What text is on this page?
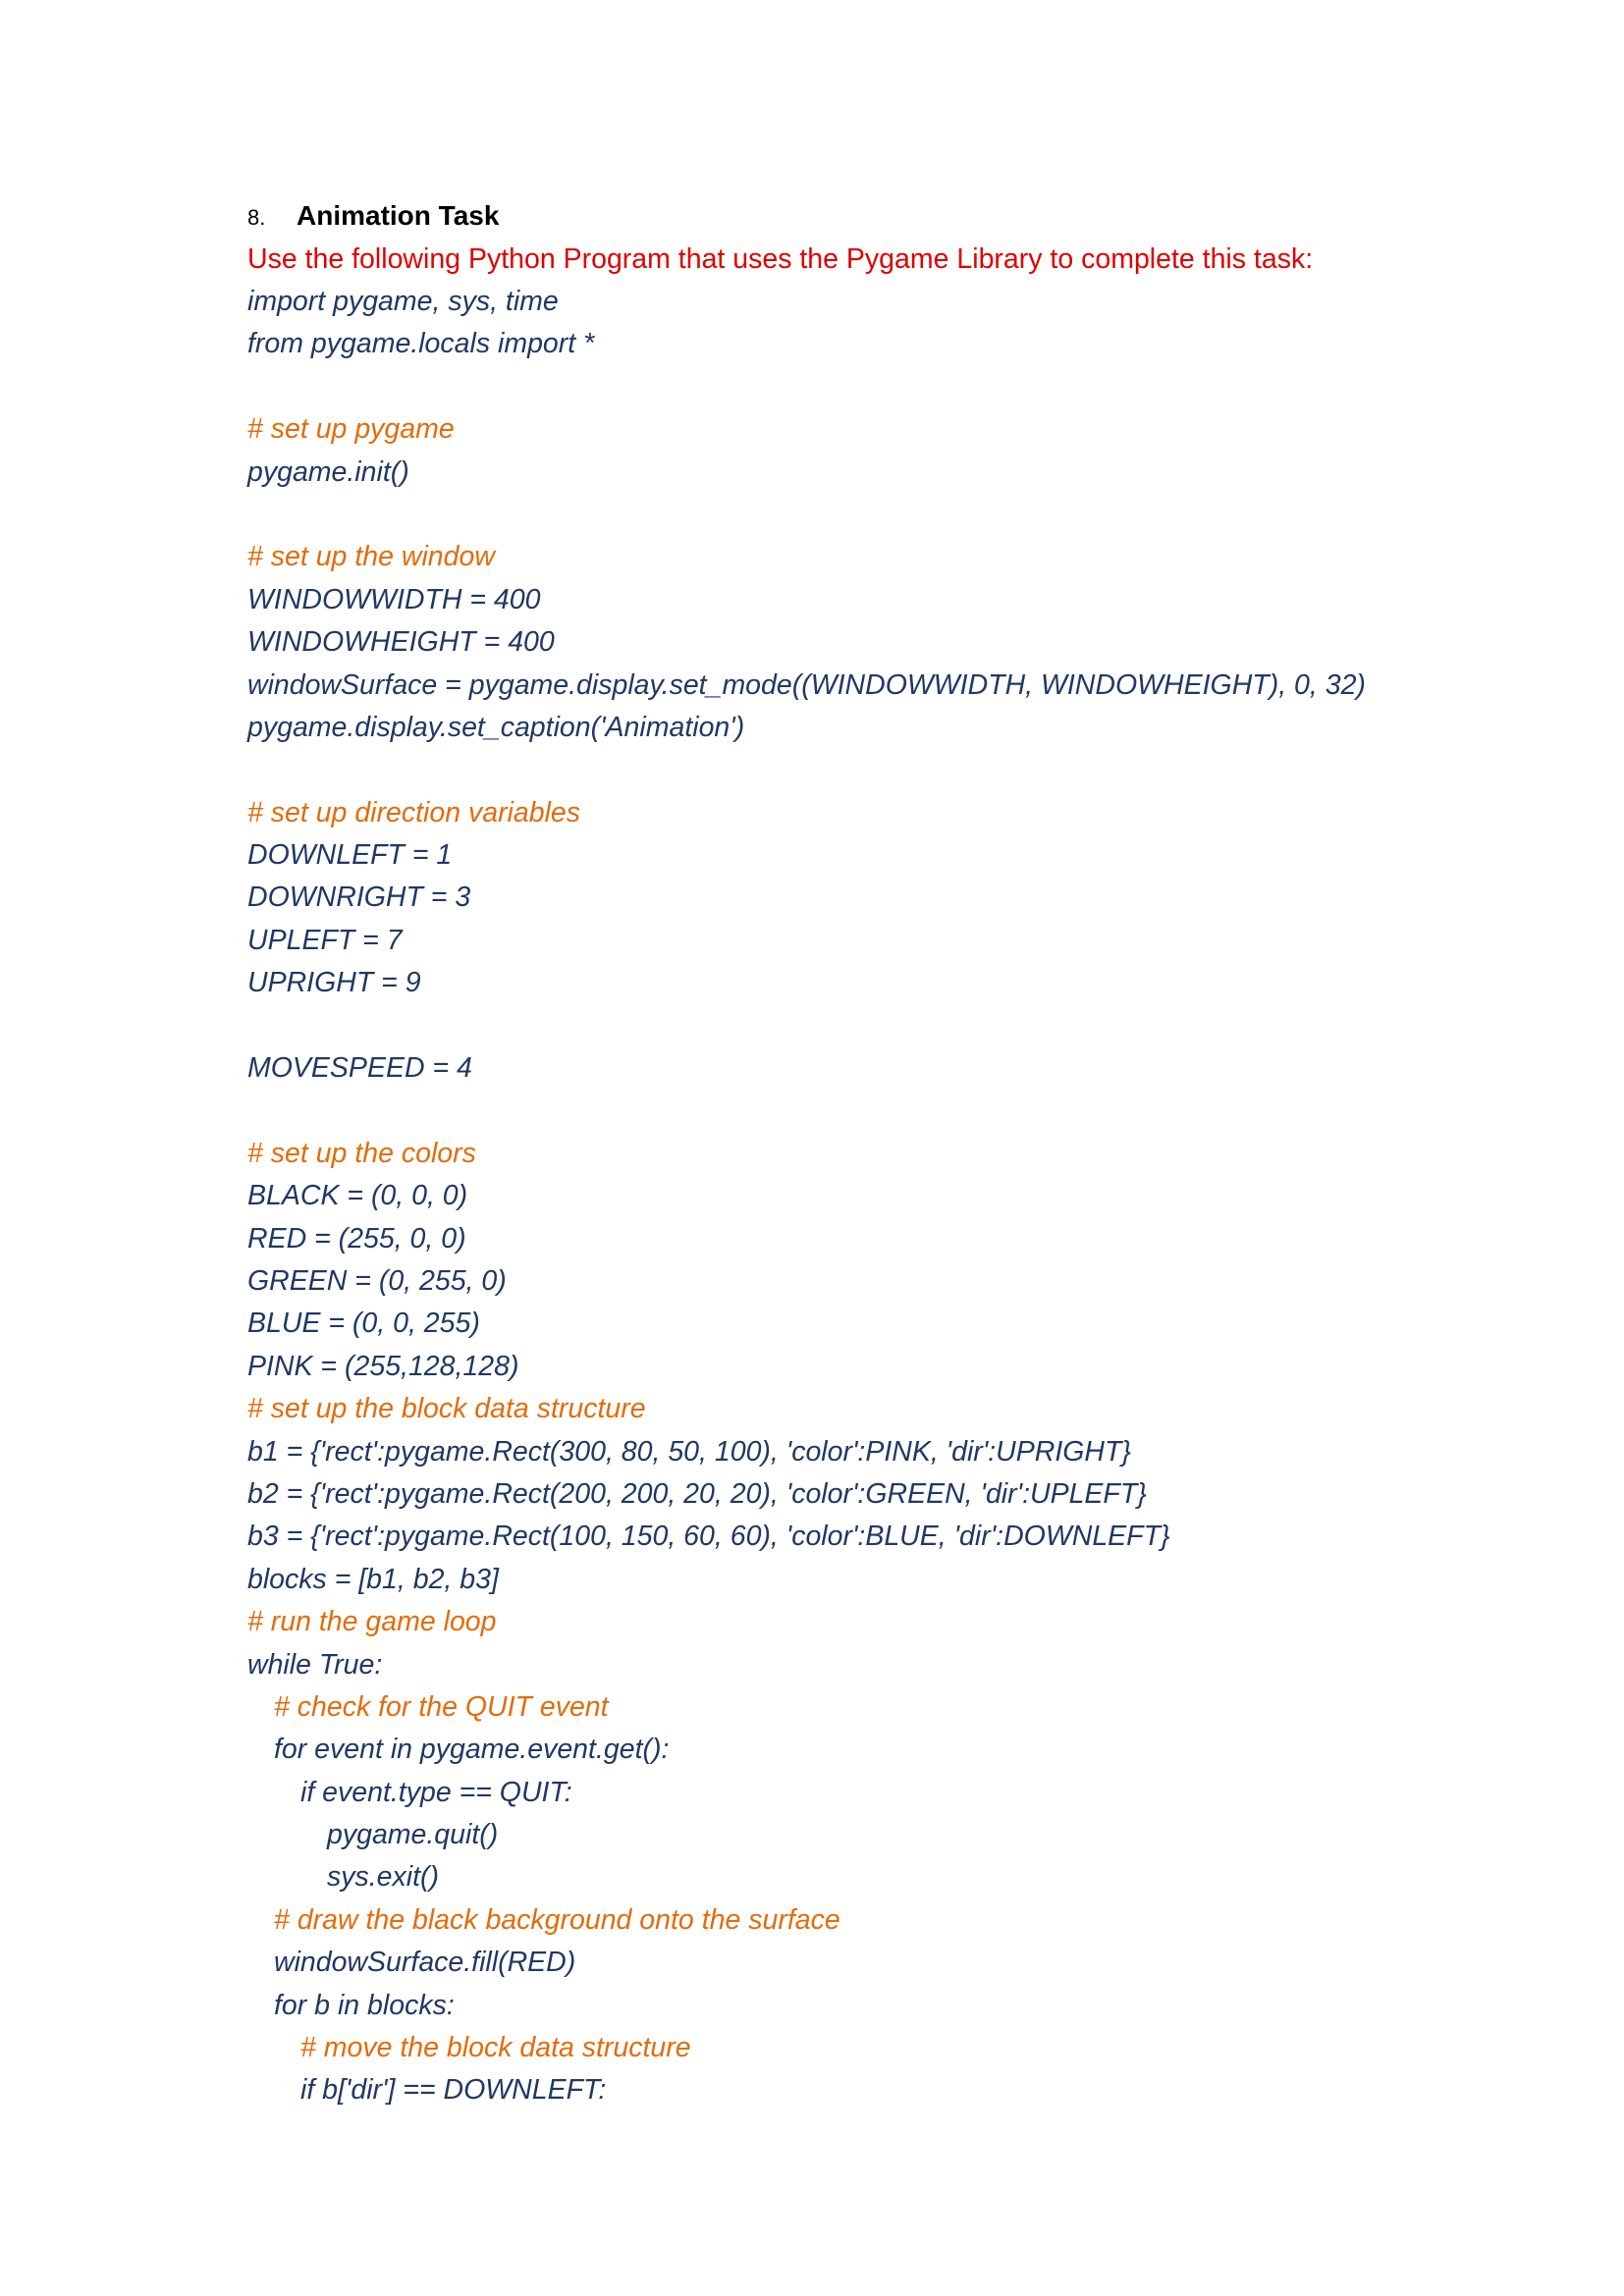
8.	Animation Task
Use the following Python Program that uses the Pygame Library to complete this task:
import pygame, sys, time
from pygame.locals import *

# set up pygame
pygame.init()

# set up the window
WINDOWWIDTH = 400
WINDOWHEIGHT = 400
windowSurface = pygame.display.set_mode((WINDOWWIDTH, WINDOWHEIGHT), 0, 32)
pygame.display.set_caption('Animation')

# set up direction variables
DOWNLEFT = 1
DOWNRIGHT = 3
UPLEFT = 7
UPRIGHT = 9

MOVESPEED = 4

# set up the colors
BLACK = (0, 0, 0)
RED = (255, 0, 0)
GREEN = (0, 255, 0)
BLUE = (0, 0, 255)
PINK = (255,128,128)
# set up the block data structure
b1 = {'rect':pygame.Rect(300, 80, 50, 100), 'color':PINK, 'dir':UPRIGHT}
b2 = {'rect':pygame.Rect(200, 200, 20, 20), 'color':GREEN, 'dir':UPLEFT}
b3 = {'rect':pygame.Rect(100, 150, 60, 60), 'color':BLUE, 'dir':DOWNLEFT}
blocks = [b1, b2, b3]
# run the game loop
while True:
# check for the QUIT event
for event in pygame.event.get():
if event.type == QUIT:
pygame.quit()
sys.exit()
# draw the black background onto the surface
windowSurface.fill(RED)
for b in blocks:
# move the block data structure
if b['dir'] == DOWNLEFT:
